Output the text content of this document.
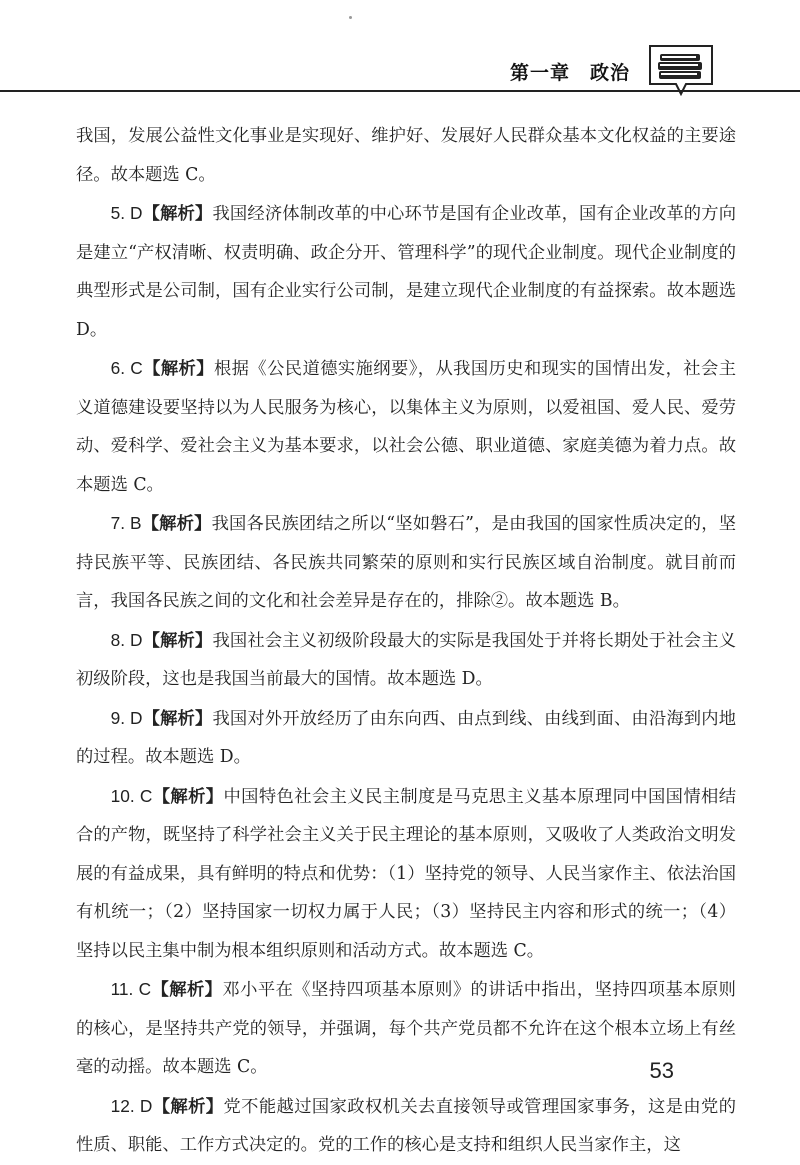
第一章　政治

我国，发展公益性文化事业是实现好、维护好、发展好人民群众基本文化权益的主要途径。故本题选 C。

5. D【解析】我国经济体制改革的中心环节是国有企业改革，国有企业改革的方向是建立“产权清晰、权责明确、政企分开、管理科学”的现代企业制度。现代企业制度的典型形式是公司制，国有企业实行公司制，是建立现代企业制度的有益探索。故本题选 D。

6. C【解析】根据《公民道德实施纲要》，从我国历史和现实的国情出发，社会主义道德建设要坚持以为人民服务为核心，以集体主义为原则，以爱祖国、爱人民、爱劳动、爱科学、爱社会主义为基本要求，以社会公德、职业道德、家庭美德为着力点。故本题选 C。

7. B【解析】我国各民族团结之所以“坚如磐石”，是由我国的国家性质决定的，坚持民族平等、民族团结、各民族共同繁荣的原则和实行民族区域自治制度。就目前而言，我国各民族之间的文化和社会差异是存在的，排除②。故本题选 B。

8. D【解析】我国社会主义初级阶段最大的实际是我国处于并将长期处于社会主义初级阶段，这也是我国当前最大的国情。故本题选 D。

9. D【解析】我国对外开放经历了由东向西、由点到线、由线到面、由沿海到内地的过程。故本题选 D。

10. C【解析】中国特色社会主义民主制度是马克思主义基本原理同中国国情相结合的产物，既坚持了科学社会主义关于民主理论的基本原则，又吸收了人类政治文明发展的有益成果，具有鲜明的特点和优势：（1）坚持党的领导、人民当家作主、依法治国有机统一；（2）坚持国家一切权力属于人民；（3）坚持民主内容和形式的统一；（4）坚持以民主集中制为根本组织原则和活动方式。故本题选 C。

11. C【解析】邓小平在《坚持四项基本原则》的讲话中指出，坚持四项基本原则的核心，是坚持共产党的领导，并强调，每个共产党员都不允许在这个根本立场上有丝毫的动摇。故本题选 C。

12. D【解析】党不能越过国家政权机关去直接领导或管理国家事务，这是由党的性质、职能、工作方式决定的。党的工作的核心是支持和组织人民当家作主，这

53
